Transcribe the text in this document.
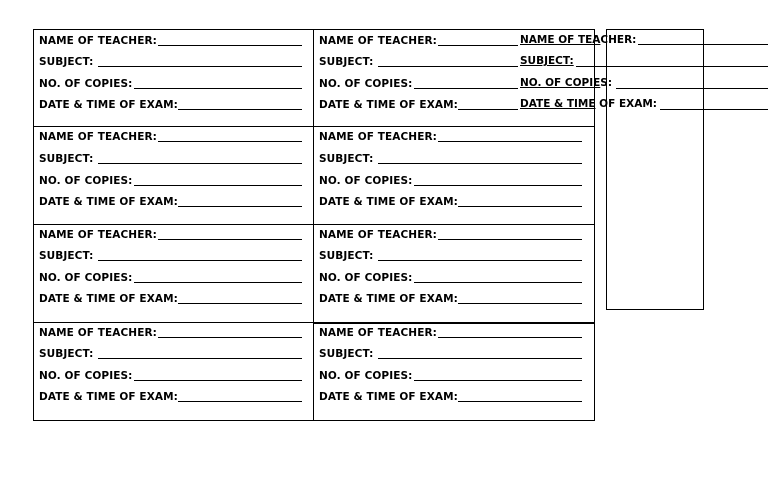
NAME OF TEACHER:
SUBJECT:
NO. OF COPIES:
DATE & TIME OF EXAM:
NAME OF TEACHER:
SUBJECT:
NO. OF COPIES:
DATE & TIME OF EXAM:
NAME OF TEACHER:
SUBJECT:
NO. OF COPIES:
DATE & TIME OF EXAM:
NAME OF TEACHER:
SUBJECT:
NO. OF COPIES:
DATE & TIME OF EXAM:
NAME OF TEACHER:
SUBJECT:
NO. OF COPIES:
DATE & TIME OF EXAM:
NAME OF TEACHER:
SUBJECT:
NO. OF COPIES:
DATE & TIME OF EXAM:
NAME OF TEACHER:
SUBJECT:
NO. OF COPIES:
DATE & TIME OF EXAM:
NAME OF TEACHER:
SUBJECT:
NO. OF COPIES:
DATE & TIME OF EXAM:
NAME OF TEACHER:
SUBJECT:
NO. OF COPIES:
DATE & TIME OF EXAM:
